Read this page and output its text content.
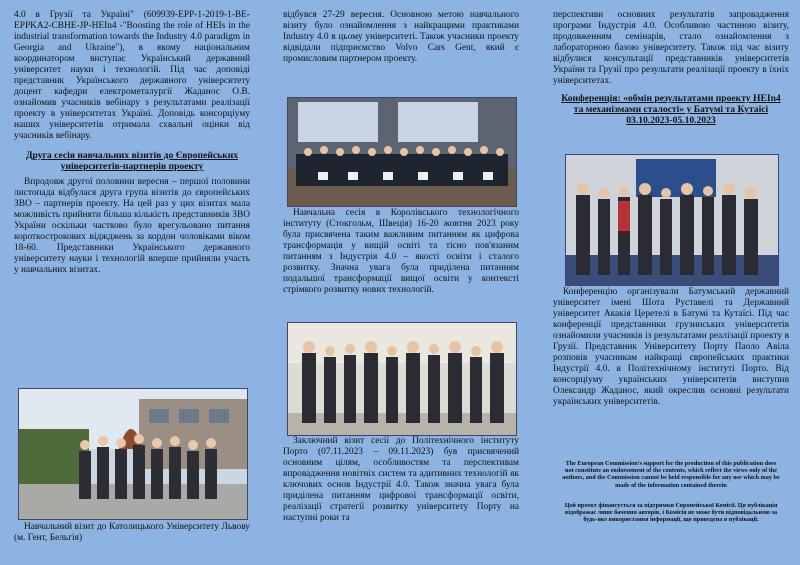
4.0 в Грузії та Україні" (609939-EPP-1-2019-1-BE-EPPKA2-CBHE-JP-HEIn4 -"Boosting the role of HEIs in the industrial transformation towards the Industry 4.0 paradigm in Georgia and Ukraine"), в якому національним координатором виступає Український державний університет науки і технологій. Під час доповіді представник Українського державного університету доцент кафедри електрометалургії Жаданос О.В. ознайомив учасників вебінару з результатами реалізації проекту в університетах Україні. Доповідь консорціуму наших університетів отримала схвальні оцінки від учасників вебінару.

Друга сесія навчальних візитів до Європейських університетів-партнерів проекту

Впродовж другої половини вересня – першої половини листопада відбулася друга група візитів до європейських ЗВО – партнерів проекту. На цей раз у цих візитах мала можливість прийняти більша кількість представників ЗВО України оскільки частково було врегульовано питання короткострокових віджджень за кордон чоловіками віком 18-60. Представники Українського державного університету науки і технологій вперше прийняли участь у навчальних візитах.

Навчальний візит до Католицького Університету Львову (м. Гент, Бельгія)

відбувся 27-29 вересня. Основною метою навчального візиту було ознайомлення з найкращими практиками Industry 4.0 в цьому університеті. Також учасники проекту відвідали підприємство Volvo Cars Gent, який є промисловим партнером проекту.

Навчальна сесія в Королівського технологічного інституту (Стокгольм, Швеція) 16-20 жовтня 2023 року була присвячена таким важливим питанням як цифрова трансформація у вищій освіті та тісно пов'язаним питанням з Індустрія 4.0 – якості освіти і сталого розвитку. Значна увага була приділена питанням подальшої трансформації вищої освіти у контексті стрімкого розвитку нових технологій.

Заключний візит сесії до Політехнічного інституту Порто (07.11.2023 – 09.11.2023) був присвячений основним цілям, особливостям та перспективам впровадження новітніх систем та адитивних технологій як ключових основ Індустрії 4.0. Також значна увага була приділена питанням цифрової трансформації освіти, реалізації стратегії розвитку університету Порту на наступні роки та

перспективи основних результатів запровадження програми Індустрія 4.0. Особливою частиною візиту, продовженням семінарів, стало ознайомлення з лабораторною базою університету. Також під час візиту відбулися консультації представників університетів України та Грузії про результати реалізації проекту в їхніх університетах.

Конференція: «обмін результатами проекту HEIn4 та механізмами сталості» у Батумі та Кутаїсі 03.10.2023-05.10.2023

Конференцію організували Батумський державний університет імені Шота Руставелі та Державний університет Акакія Церетелі в Батумі та Кутаїсі. Під час конференції представники грузинських університетів ознайомили учасників із результатами реалізації проекту в Грузії. Представник Університету Порту Паоло Авіла розповів учасникам найкращі європейських практики Індустрії 4.0. в Політехнічному інституті Порто. Від консорціуму українських університетів виступив Олександр Жаданос, який окреслив основні результати українських університетів.

The European Commission's support for the production of this publication does not constitute an endorsement of the contents, which reflect the views only of the authors, and the Commission cannot be held responsible for any use which may be made of the information contained therein

Цей проект фінансується за підтримки Європейської Комісії. Ця публікація відображає лише бачення авторів, і Комісія не може бути відповідальною за будь-яке використання інформації, що приведена в публікації.
